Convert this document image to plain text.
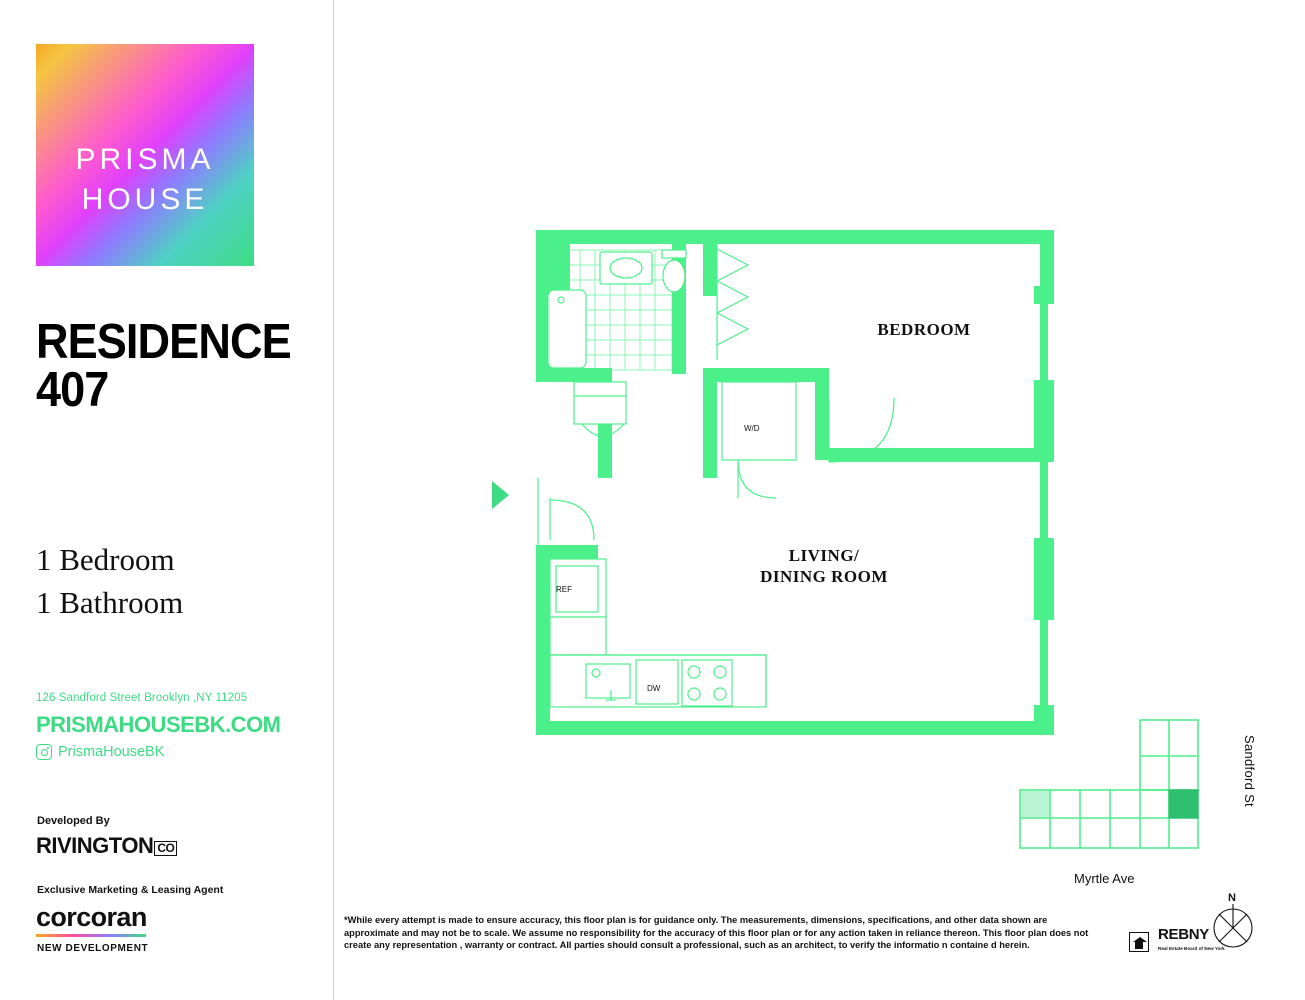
PRISMA
HOUSE
RESIDENCE
407
1 Bedroom
1 Bathroom
126 Sandford Street Brooklyn ,NY 11205
PRISMAHOUSEBK.COM
PrismaHouseBK
Developed By
RIVINGTON CO
Exclusive Marketing & Leasing Agent
corcoran
NEW DEVELOPMENT
BEDROOM
LIVING/
DINING ROOM
W/D
REF
DW
Sandford St
Myrtle Ave
*While every attempt is made to ensure accuracy, this floor plan is for guidance only. The measurements, dimensions, specifications, and other data shown are approximate and may not be to scale. We assume no responsibility for the accuracy of this floor plan or for any action taken in reliance thereon. This floor plan does not create any representation , warranty or contract. All parties should consult a professional, such as an architect, to verify the informatio n containe d herein.
REBNY
Real Estate Board of New York
N
